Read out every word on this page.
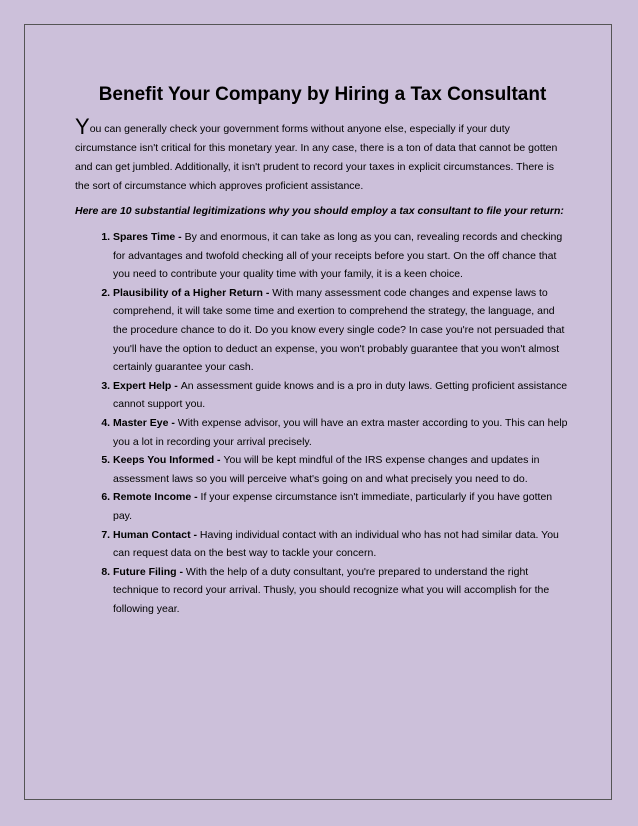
Benefit Your Company by Hiring a Tax Consultant

You can generally check your government forms without anyone else, especially if your duty circumstance isn't critical for this monetary year. In any case, there is a ton of data that cannot be gotten and can get jumbled. Additionally, it isn't prudent to record your taxes in explicit circumstances. There is the sort of circumstance which approves proficient assistance.

Here are 10 substantial legitimizations why you should employ a tax consultant to file your return:

1. Spares Time - By and enormous, it can take as long as you can, revealing records and checking for advantages and twofold checking all of your receipts before you start. On the off chance that you need to contribute your quality time with your family, it is a keen choice.
2. Plausibility of a Higher Return - With many assessment code changes and expense laws to comprehend, it will take some time and exertion to comprehend the strategy, the language, and the procedure chance to do it. Do you know every single code? In case you're not persuaded that you'll have the option to deduct an expense, you won't probably guarantee that you won't almost certainly guarantee your cash.
3. Expert Help - An assessment guide knows and is a pro in duty laws. Getting proficient assistance cannot support you.
4. Master Eye - With expense advisor, you will have an extra master according to you. This can help you a lot in recording your arrival precisely.
5. Keeps You Informed - You will be kept mindful of the IRS expense changes and updates in assessment laws so you will perceive what's going on and what precisely you need to do.
6. Remote Income - If your expense circumstance isn't immediate, particularly if you have gotten pay.
7. Human Contact - Having individual contact with an individual who has not had similar data. You can request data on the best way to tackle your concern.
8. Future Filing - With the help of a duty consultant, you're prepared to understand the right technique to record your arrival. Thusly, you should recognize what you will accomplish for the following year.
